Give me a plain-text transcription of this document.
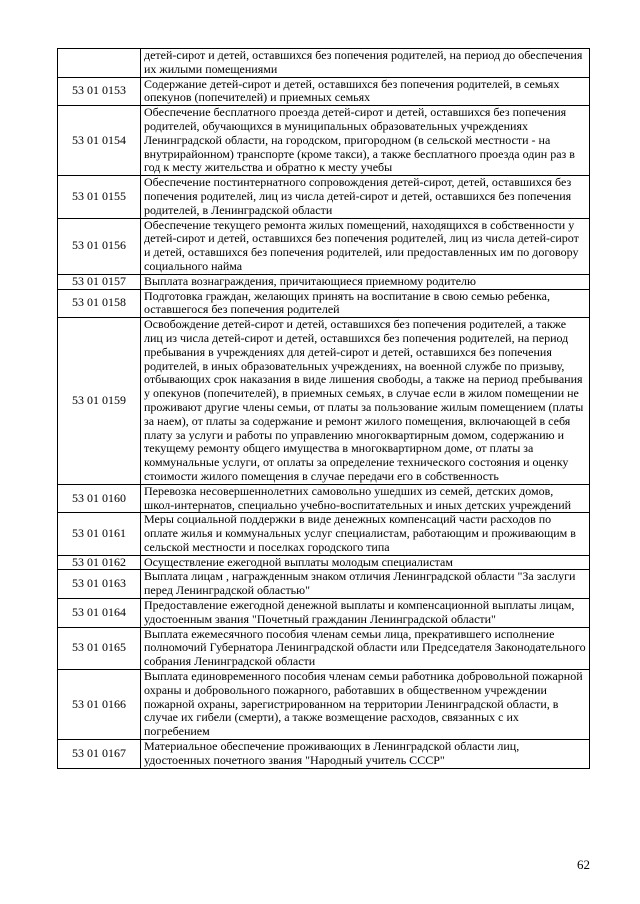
	детей-сирот и детей, оставшихся без попечения родителей, на период до обеспечения их жилыми помещениями
53 01 0153	Содержание детей-сирот и детей, оставшихся без попечения родителей, в семьях опекунов (попечителей) и приемных семьях
53 01 0154	Обеспечение бесплатного проезда детей-сирот и детей, оставшихся без попечения родителей, обучающихся в муниципальных образовательных учреждениях Ленинградской области, на городском, пригородном (в сельской местности - на внутрирайонном) транспорте (кроме такси), а также бесплатного проезда один раз в год к месту жительства и обратно к месту учебы
53 01 0155	Обеспечение постинтернатного сопровождения детей-сирот, детей, оставшихся без попечения родителей, лиц из числа детей-сирот и детей, оставшихся без попечения родителей, в Ленинградской области
53 01 0156	Обеспечение текущего ремонта жилых помещений, находящихся в собственности у детей-сирот и детей, оставшихся без попечения родителей, лиц из числа детей-сирот и детей, оставшихся без попечения родителей, или предоставленных им по договору социального найма
53 01 0157	Выплата вознаграждения, причитающиеся приемному родителю
53 01 0158	Подготовка граждан, желающих принять на воспитание в свою семью ребенка, оставшегося без попечения родителей
53 01 0159	Освобождение детей-сирот и детей, оставшихся без попечения родителей, а также лиц из числа детей-сирот и детей, оставшихся без попечения родителей, на период пребывания в учреждениях для детей-сирот и детей, оставшихся без попечения родителей, в иных образовательных учреждениях, на военной службе по призыву, отбывающих срок наказания в виде лишения свободы, а также на период пребывания у опекунов (попечителей), в приемных семьях, в случае если в жилом помещении не проживают другие члены семьи, от платы за пользование жилым помещением (платы за наем), от платы за содержание и ремонт жилого помещения, включающей в себя плату за услуги и работы по управлению многоквартирным домом, содержанию и текущему ремонту общего имущества в многоквартирном доме, от платы за коммунальные услуги, от оплаты за определение технического состояния и оценку стоимости жилого помещения в случае передачи его в собственность
53 01 0160	Перевозка несовершеннолетних самовольно ушедших из семей, детских домов, школ-интернатов, специально учебно-воспитательных и иных детских учреждений
53 01 0161	Меры социальной поддержки в виде денежных компенсаций части расходов по оплате жилья и коммунальных услуг специалистам, работающим и проживающим в сельской местности и поселках городского типа
53 01 0162	Осуществление ежегодной выплаты молодым специалистам
53 01 0163	Выплата лицам , награжденным знаком отличия Ленинградской области "За заслуги перед Ленинградской областью"
53 01 0164	Предоставление ежегодной денежной выплаты и компенсационной выплаты лицам, удостоенным звания "Почетный гражданин Ленинградской области"
53 01 0165	Выплата ежемесячного пособия членам семьи лица, прекратившего исполнение полномочий Губернатора Ленинградской области или Председателя Законодательного собрания Ленинградской области
53 01 0166	Выплата единовременного пособия членам семьи работника добровольной пожарной охраны и добровольного пожарного, работавших в общественном учреждении пожарной охраны, зарегистрированном на территории Ленинградской области, в случае их гибели (смерти), а также возмещение расходов, связанных с их погребением
53 01 0167	Материальное обеспечение проживающих в Ленинградской области лиц, удостоенных почетного звания "Народный учитель СССР"
62
